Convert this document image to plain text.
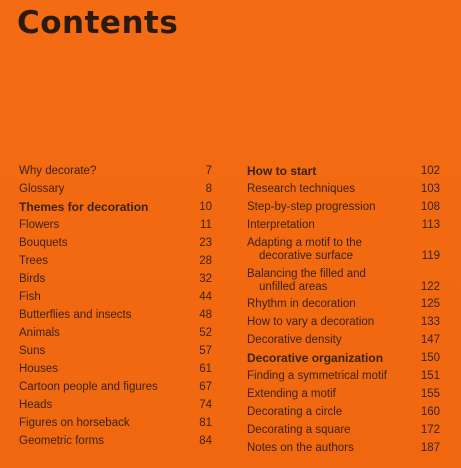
Contents
Why decorate?	7
Glossary	8
Themes for decoration	10
Flowers	11
Bouquets	23
Trees	28
Birds	32
Fish	44
Butterflies and insects	48
Animals	52
Suns	57
Houses	61
Cartoon people and figures	67
Heads	74
Figures on horseback	81
Geometric forms	84
How to start	102
Research techniques	103
Step-by-step progression	108
Interpretation	113
Adapting a motif to the
decorative surface	119
Balancing the filled and
unfilled areas	122
Rhythm in decoration	125
How to vary a decoration	133
Decorative density	147
Decorative organization	150
Finding a symmetrical motif	151
Extending a motif	155
Decorating a circle	160
Decorating a square	172
Notes on the authors	187
